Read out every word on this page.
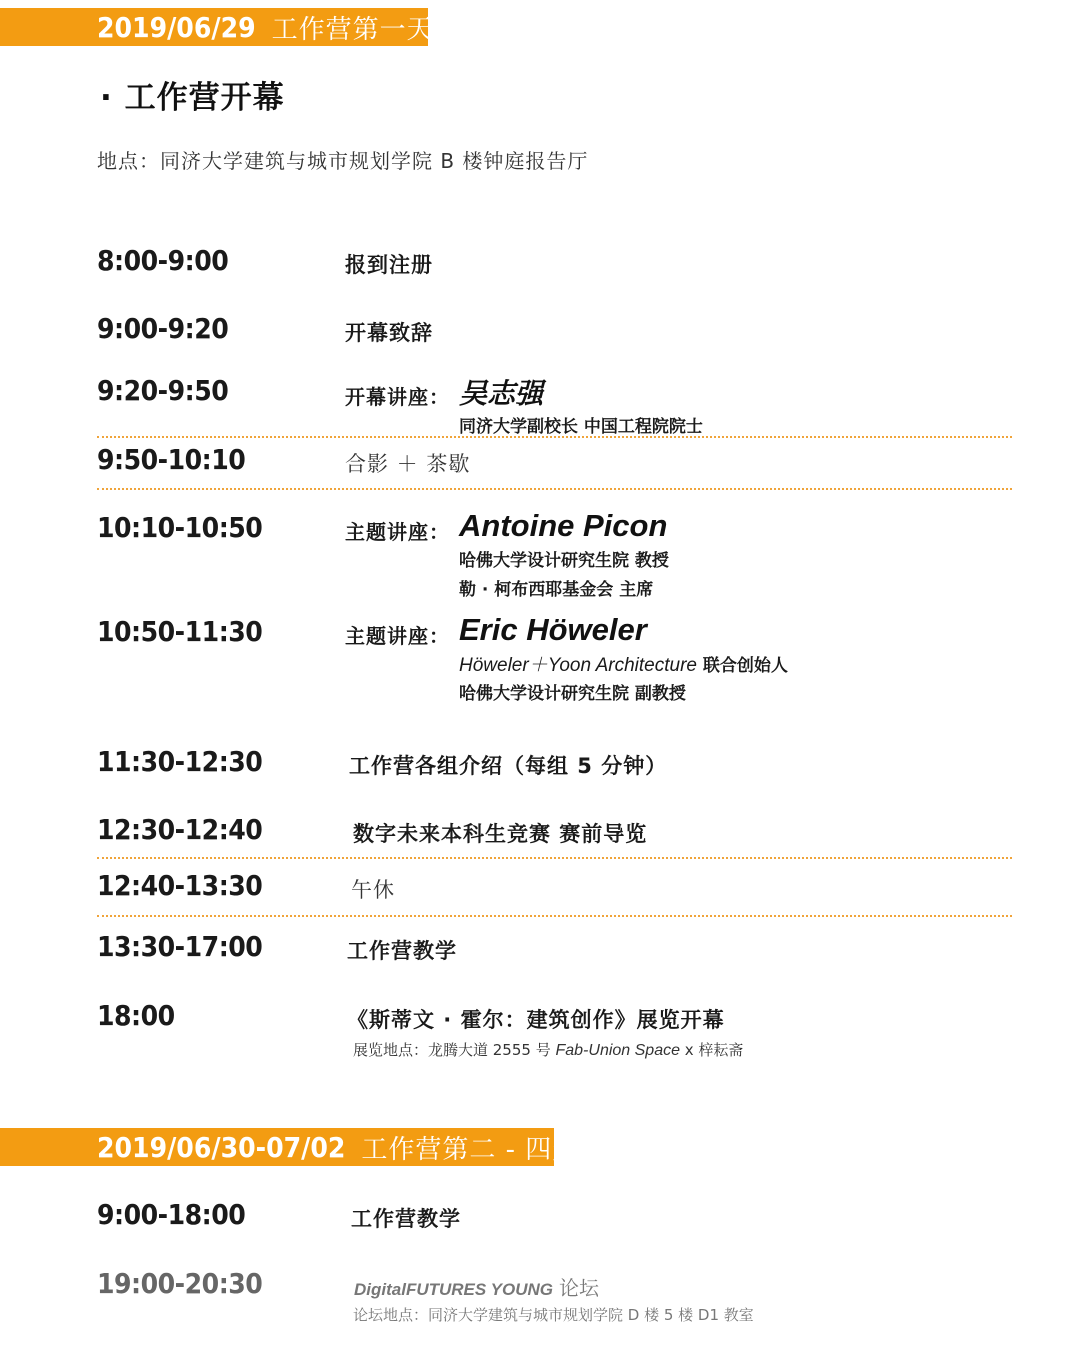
2019/06/29 工作营第一天
· 工作营开幕
地点：同济大学建筑与城市规划学院 B 楼钟庭报告厅
8:00-9:00	报到注册
9:00-9:20	开幕致辞
9:20-9:50	开幕讲座： 吴志强
同济大学副校长 中国工程院院士
9:50-10:10	合影 ＋ 茶歇
10:10-10:50	主题讲座： Antoine Picon
哈佛大学设计研究生院 教授
勒 · 柯布西耶基金会 主席
10:50-11:30	主题讲座： Eric Höweler
Höweler＋Yoon Architecture 联合创始人
哈佛大学设计研究生院 副教授
11:30-12:30	工作营各组介绍（每组 5 分钟）
12:30-12:40	数字未来本科生竞赛 赛前导览
12:40-13:30	午休
13:30-17:00	工作营教学
18:00	《斯蒂文 · 霍尔：建筑创作》展览开幕
展览地点：龙腾大道 2555 号 Fab-Union Space x 梓耘斋
2019/06/30-07/02 工作营第二 - 四天
9:00-18:00	工作营教学
19:00-20:30	DigitalFUTURES YOUNG 论坛
论坛地点：同济大学建筑与城市规划学院 D 楼 5 楼 D1 教室
